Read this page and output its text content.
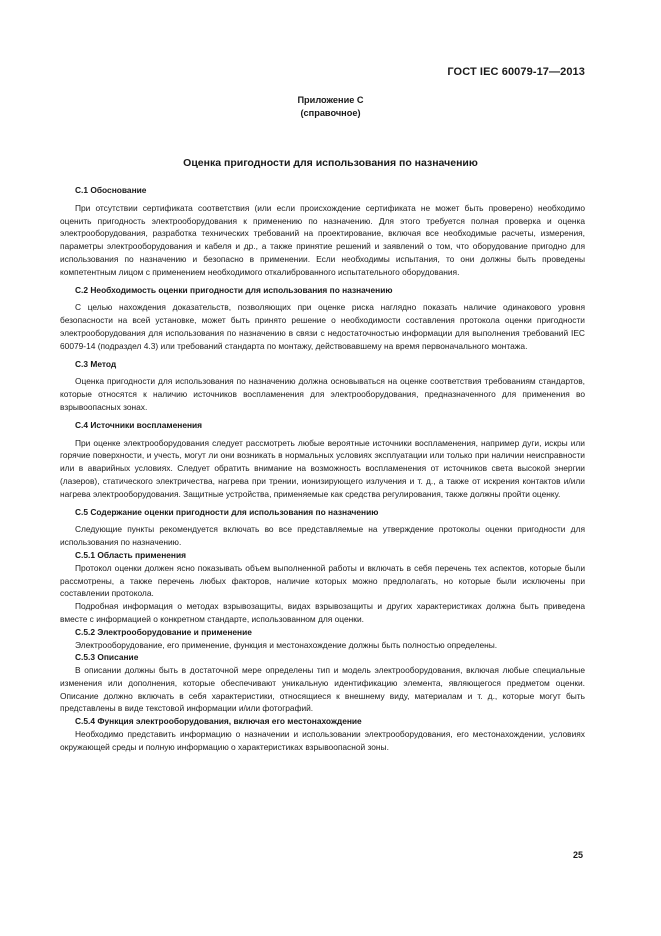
ГОСТ IEC 60079-17—2013
Приложение С
(справочное)
Оценка пригодности для использования по назначению

С.1 Обоснование

При отсутствии сертификата соответствия (или если происхождение сертификата не может быть проверено) необходимо оценить пригодность электрооборудования к применению по назначению. Для этого требуется полная проверка и оценка электрооборудования, разработка технических требований на проектирование, включая все необходимые расчеты, измерения, параметры электрооборудования и кабеля и др., а также принятие решений и заявлений о том, что оборудование пригодно для использования по назначению и безопасно в применении. Если необходимы испытания, то они должны быть проведены компетентным лицом с применением необходимого откалиброванного испытательного оборудования.

С.2 Необходимость оценки пригодности для использования по назначению

С целью нахождения доказательств, позволяющих при оценке риска наглядно показать наличие одинакового уровня безопасности на всей установке, может быть принято решение о необходимости составления протокола оценки пригодности электрооборудования для использования по назначению в связи с недостаточностью информации для выполнения требований IEC 60079-14 (подраздел 4.3) или требований стандарта по монтажу, действовавшему на время первоначального монтажа.

С.3 Метод

Оценка пригодности для использования по назначению должна основываться на оценке соответствия требованиям стандартов, которые относятся к наличию источников воспламенения для электрооборудования, предназначенного для применения во взрывоопасных зонах.

С.4 Источники воспламенения

При оценке электрооборудования следует рассмотреть любые вероятные источники воспламенения, например дуги, искры или горячие поверхности, и учесть, могут ли они возникать в нормальных условиях эксплуатации или только при наличии неисправности или в аварийных условиях. Следует обратить внимание на возможность воспламенения от источников света высокой энергии (лазеров), статического электричества, нагрева при трении, ионизирующего излучения и т. д., а также от искрения контактов и/или нагрева электрооборудования. Защитные устройства, применяемые как средства регулирования, также должны пройти оценку.

С.5 Содержание оценки пригодности для использования по назначению

Следующие пункты рекомендуется включать во все представляемые на утверждение протоколы оценки пригодности для использования по назначению.

С.5.1 Область применения

Протокол оценки должен ясно показывать объем выполненной работы и включать в себя перечень тех аспектов, которые были рассмотрены, а также перечень любых факторов, наличие которых можно предполагать, но которые были исключены при составлении протокола.

Подробная информация о методах взрывозащиты, видах взрывозащиты и других характеристиках должна быть приведена вместе с информацией о конкретном стандарте, использованном для оценки.

С.5.2 Электрооборудование и применение

Электрооборудование, его применение, функция и местонахождение должны быть полностью определены.

С.5.3 Описание

В описании должны быть в достаточной мере определены тип и модель электрооборудования, включая любые специальные изменения или дополнения, которые обеспечивают уникальную идентификацию элемента, являющегося предметом оценки. Описание должно включать в себя характеристики, относящиеся к внешнему виду, материалам и т. д., которые могут быть представлены в виде текстовой информации и/или фотографий.

С.5.4 Функция электрооборудования, включая его местонахождение

Необходимо представить информацию о назначении и использовании электрооборудования, его местонахождении, условиях окружающей среды и полную информацию о характеристиках взрывоопасной зоны.

25
